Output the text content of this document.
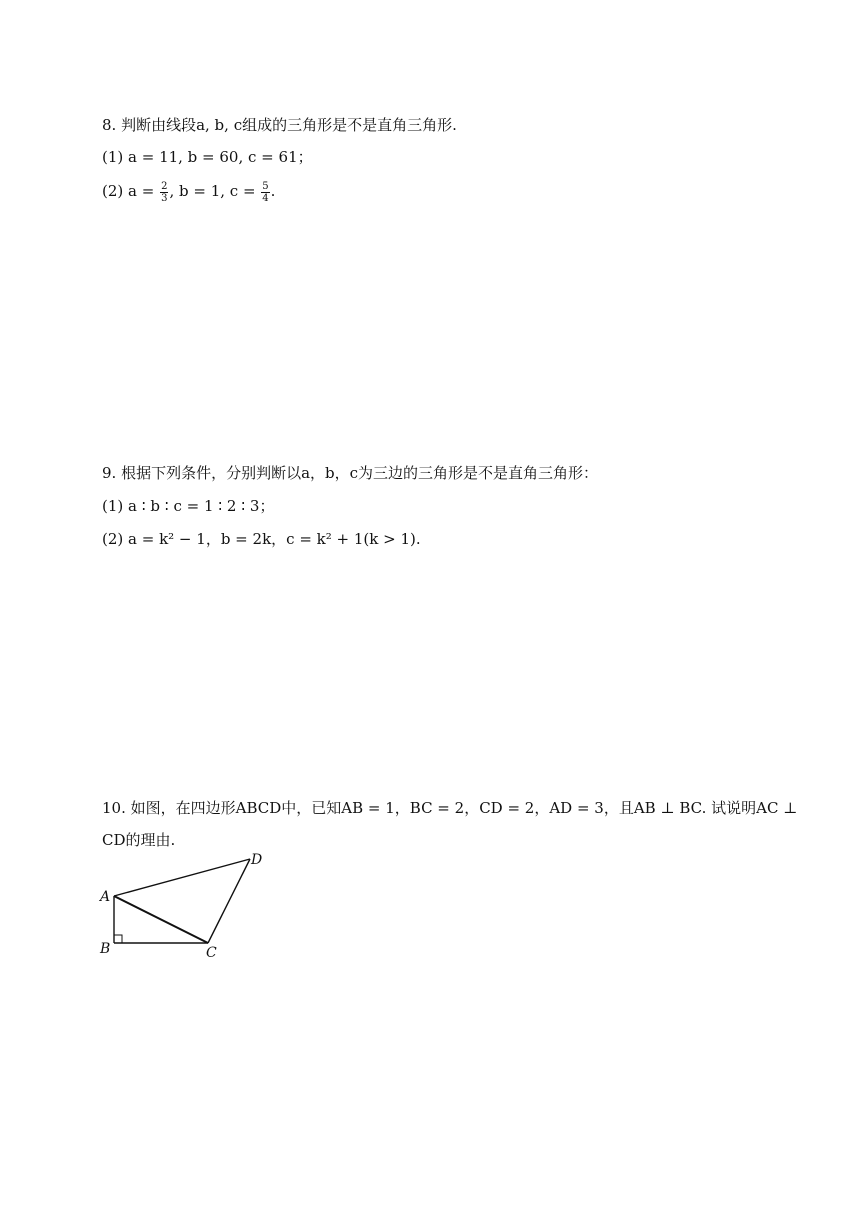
8. 判断由线段a, b, c组成的三角形是不是直角三角形.
(1) a = 11, b = 60, c = 61；
(2) $a = \frac{2}{3}$ , b = 1, $c = \frac{5}{4}$ .
9. 根据下列条件，分别判断以a，b，c为三边的三角形是不是直角三角形：
(1) a ∶ b ∶ c = 1 ∶ 2 ∶ 3；
(2) a = k² − 1，b = 2k，c = k² + 1(k > 1).
10. 如图，在四边形ABCD中，已知AB = 1，BC = 2，CD = 2，AD = 3，且AB ⊥ BC. 试说明AC ⊥
CD的理由.
A
B	C
D
